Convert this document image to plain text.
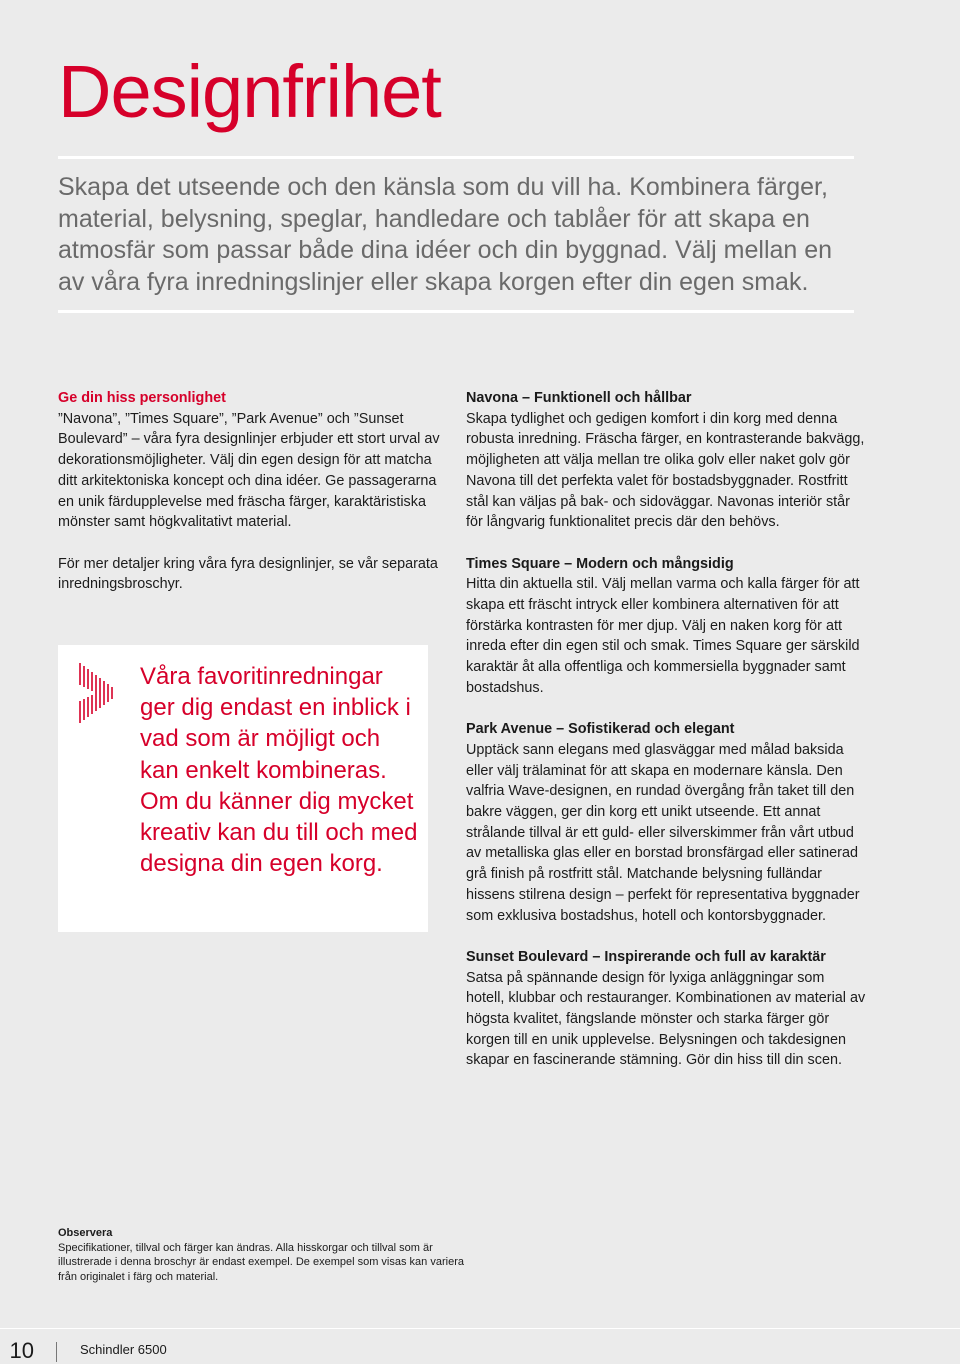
Designfrihet

Skapa det utseende och den känsla som du vill ha. Kombinera färger, material, belysning, speglar, handledare och tablåer för att skapa en atmosfär som passar både dina idéer och din byggnad. Välj mellan en av våra fyra inredningslinjer eller skapa korgen efter din egen smak.

Ge din hiss personlighet

”Navona”, ”Times Square”, ”Park Avenue” och ”Sunset Boulevard” – våra fyra designlinjer erbjuder ett stort urval av dekorationsmöjligheter. Välj din egen design för att matcha ditt arkitektoniska koncept och dina idéer. Ge passagerarna en unik färdupplevelse med fräscha färger, karaktäristiska mönster samt högkvalitativt material.

För mer detaljer kring våra fyra designlinjer, se vår separata inredningsbroschyr.

Våra favoritinredningar ger dig endast en inblick i vad som är möjligt och kan enkelt kombineras. Om du känner dig mycket kreativ kan du till och med designa din egen korg.

Navona – Funktionell och hållbar

Skapa tydlighet och gedigen komfort i din korg med denna robusta inredning. Fräscha färger, en kontrasterande bakvägg, möjligheten att välja mellan tre olika golv eller naket golv gör Navona till det perfekta valet för bostadsbyggnader. Rostfritt stål kan väljas på bak- och sidoväggar. Navonas interiör står för långvarig funktionalitet precis där den behövs.

Times Square – Modern och mångsidig

Hitta din aktuella stil. Välj mellan varma och kalla färger för att skapa ett fräscht intryck eller kombinera alternativen för att förstärka kontrasten för mer djup. Välj en naken korg för att inreda efter din egen stil och smak. Times Square ger särskild karaktär åt alla offentliga och kommersiella byggnader samt bostadshus.

Park Avenue – Sofistikerad och elegant

Upptäck sann elegans med glasväggar med målad baksida eller välj trälaminat för att skapa en modernare känsla. Den valfria Wave-designen, en rundad övergång från taket till den bakre väggen, ger din korg ett unikt utseende. Ett annat strålande tillval är ett guld- eller silverskimmer från vårt utbud av metalliska glas eller en borstad bronsfärgad eller satinerad grå finish på rostfritt stål. Matchande belysning fulländar hissens stilrena design – perfekt för representativa byggnader som exklusiva bostadshus, hotell och kontorsbyggnader.

Sunset Boulevard – Inspirerande och full av karaktär

Satsa på spännande design för lyxiga anläggningar som hotell, klubbar och restauranger. Kombinationen av material av högsta kvalitet, fängslande mönster och starka färger gör korgen till en unik upplevelse. Belysningen och takdesignen skapar en fascinerande stämning. Gör din hiss till din scen.

Observera
Specifikationer, tillval och färger kan ändras. Alla hisskorgar och tillval som är illustrerade i denna broschyr är endast exempel. De exempel som visas kan variera från originalet i färg och material.
10	Schindler 6500
